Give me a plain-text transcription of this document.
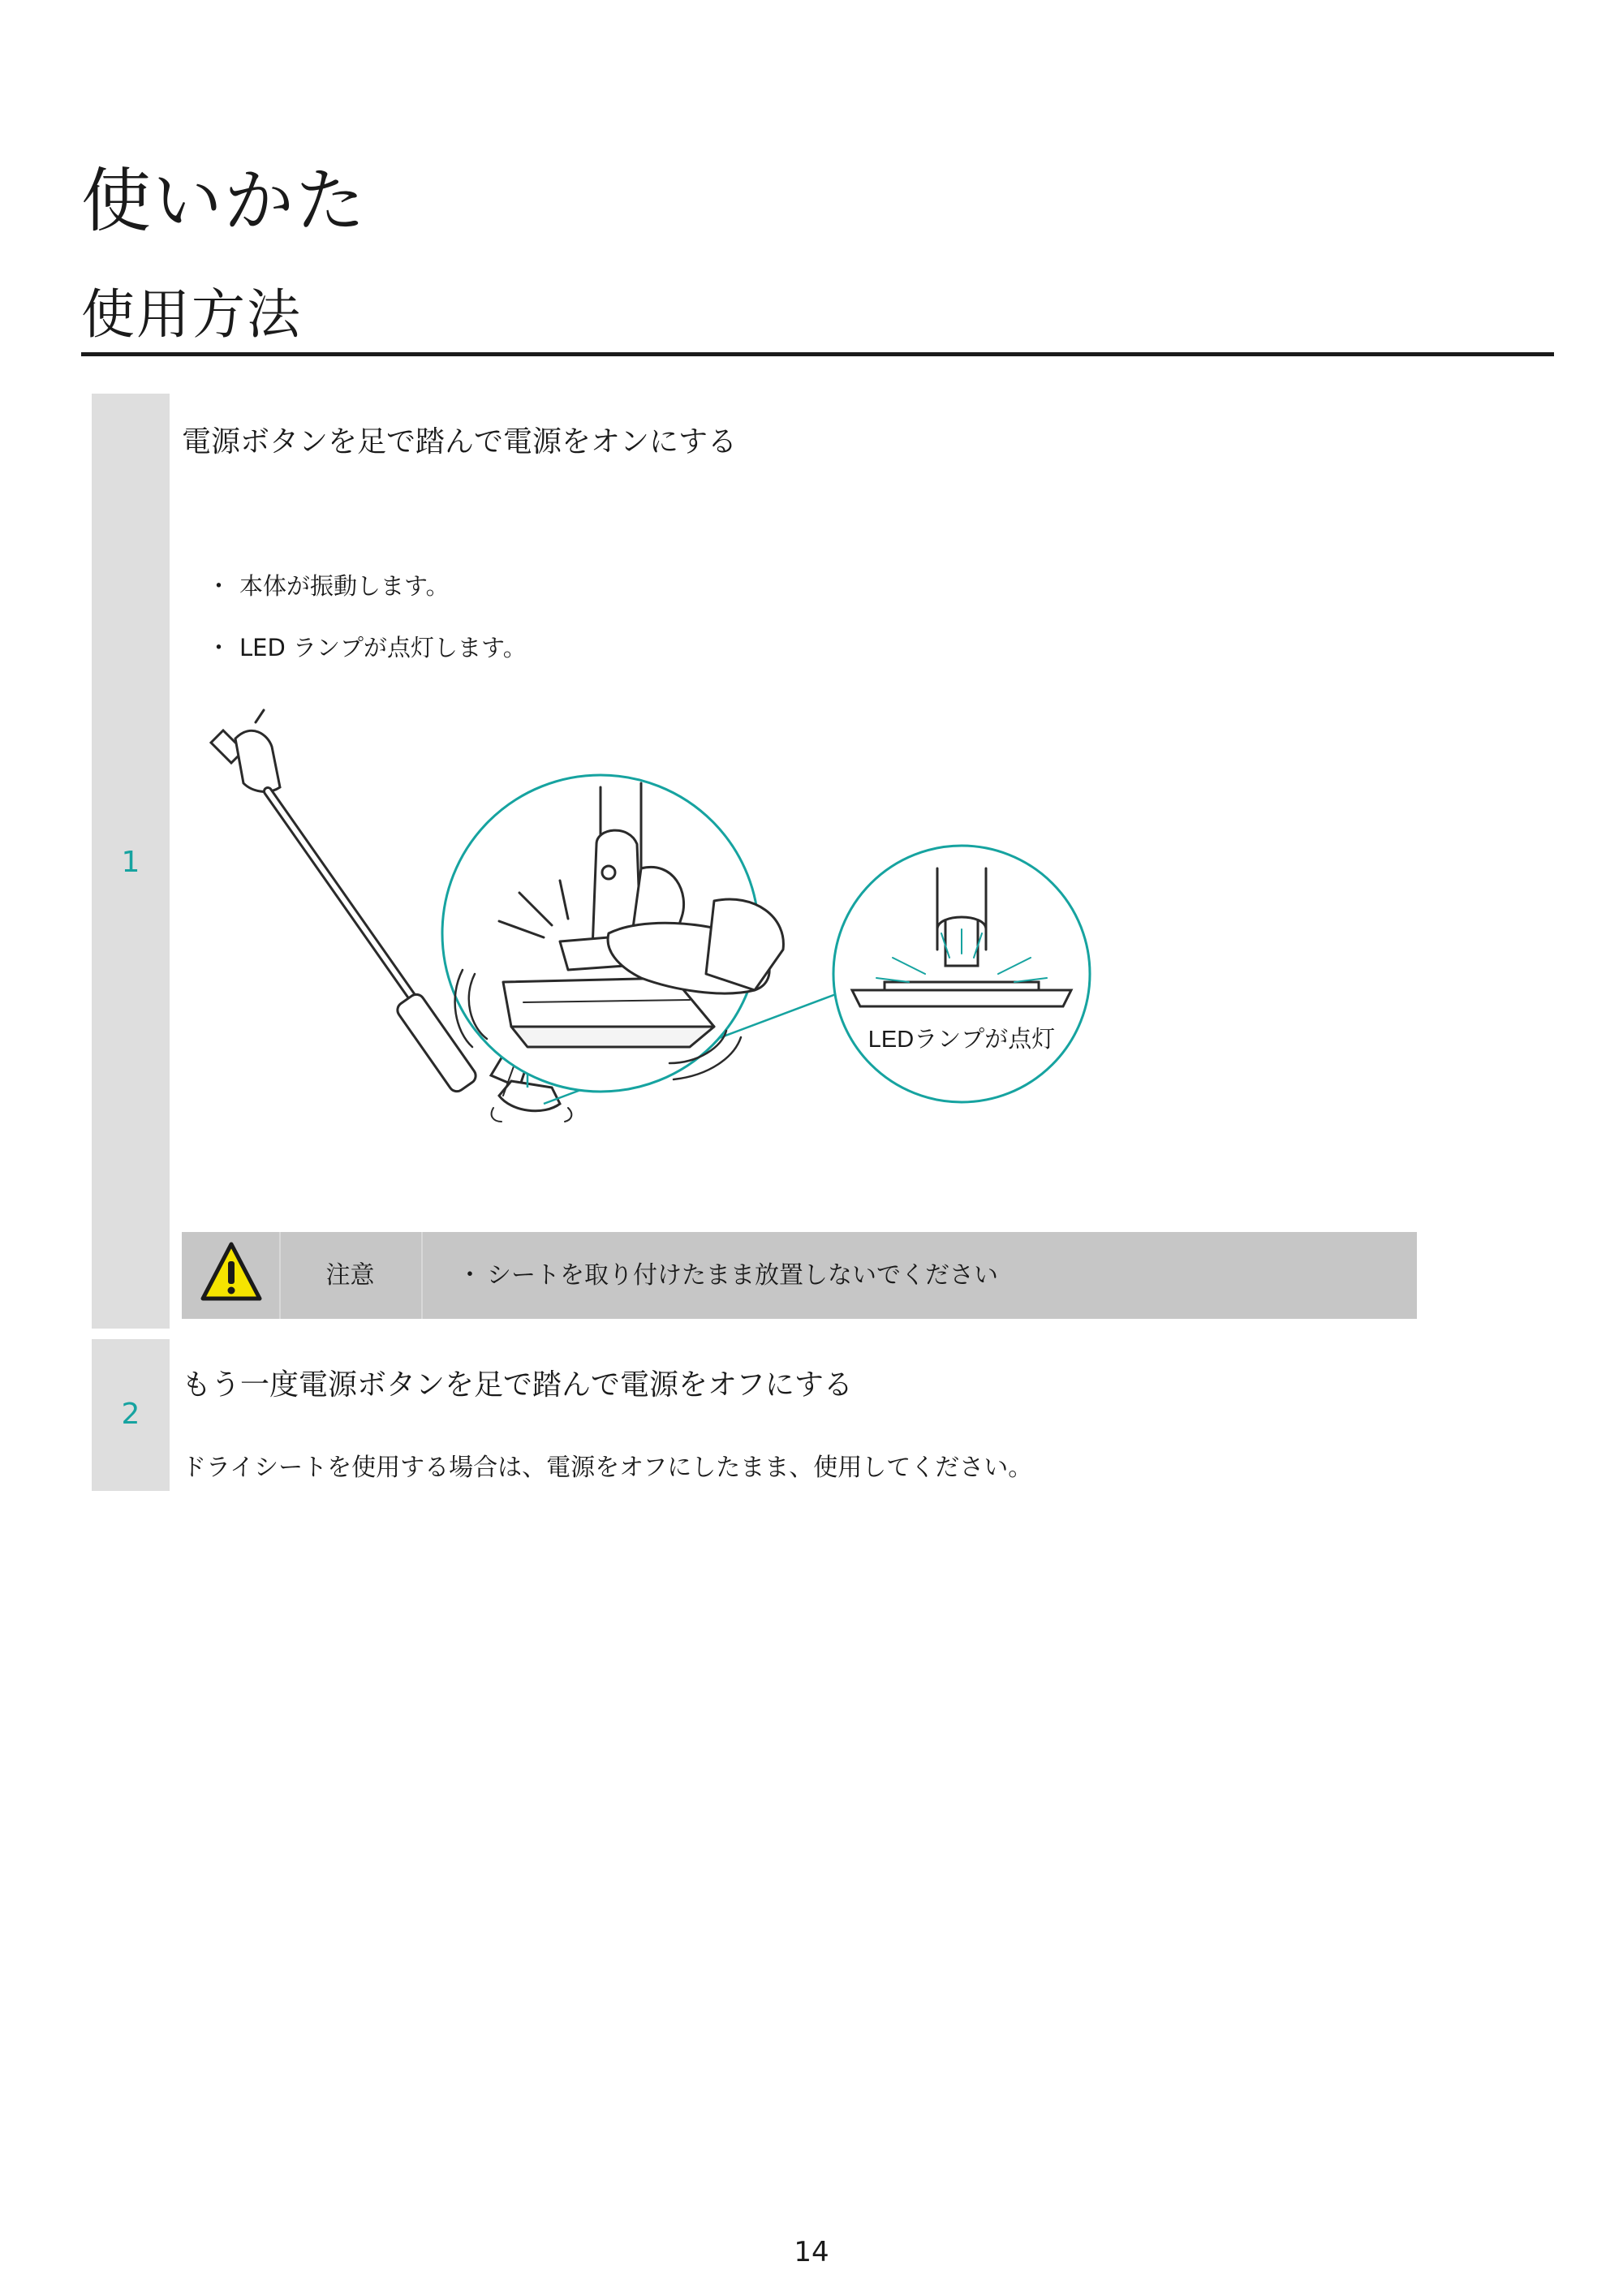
使いかた
使用方法
1
電源ボタンを足で踏んで電源をオンにする
・ 本体が振動します。
・ LED ランプが点灯します。
LEDランプが点灯
注意	・ シートを取り付けたまま放置しないでください
2
もう一度電源ボタンを足で踏んで電源をオフにする

ドライシートを使用する場合は、電源をオフにしたまま、使用してください。

14
